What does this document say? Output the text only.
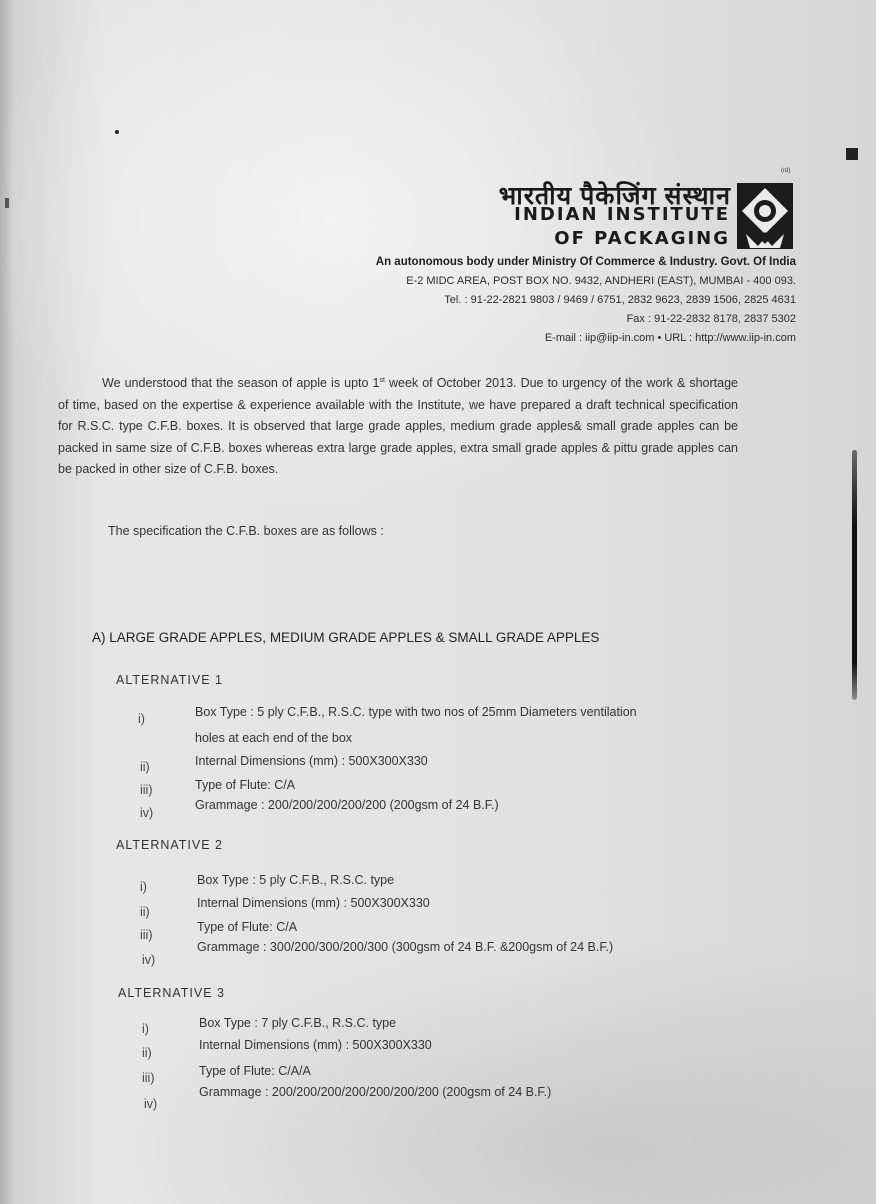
भारतीय पैकेजिंग संस्थान
INDIAN INSTITUTE
OF PACKAGING
(rd)
An autonomous body under Ministry Of Commerce & Industry. Govt. Of India
E-2 MIDC AREA, POST BOX NO. 9432, ANDHERI (EAST), MUMBAI - 400 093.
Tel. : 91-22-2821 9803 / 9469 / 6751, 2832 9623, 2839 1506, 2825 4631
Fax : 91-22-2832 8178, 2837 5302
E-mail : iip@iip-in.com • URL : http://www.iip-in.com
We understood that the season of apple is upto 1st week of October 2013. Due to urgency of the work & shortage of time, based on the expertise & experience available with the Institute, we have prepared a draft technical specification for R.S.C. type C.F.B. boxes. It is observed that large grade apples, medium grade apples& small grade apples can be packed in same size of C.F.B. boxes whereas extra large grade apples, extra small grade apples & pittu grade apples can be packed in other size of C.F.B. boxes.
The specification the C.F.B. boxes are as follows :
A) LARGE GRADE APPLES, MEDIUM GRADE APPLES & SMALL GRADE APPLES
ALTERNATIVE 1
i)	Box Type : 5 ply C.F.B., R.S.C. type with two nos of 25mm Diameters ventilation
holes at each end of the box
ii)	Internal Dimensions (mm) : 500X300X330
iii)	Type of Flute: C/A
iv)
Grammage : 200/200/200/200/200 (200gsm of 24 B.F.)
ALTERNATIVE 2
i)	Box Type : 5 ply C.F.B., R.S.C. type
ii)
Internal Dimensions (mm) : 500X300X330
iii)
Type of Flute: C/A
iv)
Grammage : 300/200/300/200/300 (300gsm of 24 B.F. &200gsm of 24 B.F.)
ALTERNATIVE 3
i)	Box Type : 7 ply C.F.B., R.S.C. type
ii)
Internal Dimensions (mm) : 500X300X330
iii)	Type of Flute: C/A/A
iv)
Grammage : 200/200/200/200/200/200/200 (200gsm of 24 B.F.)
